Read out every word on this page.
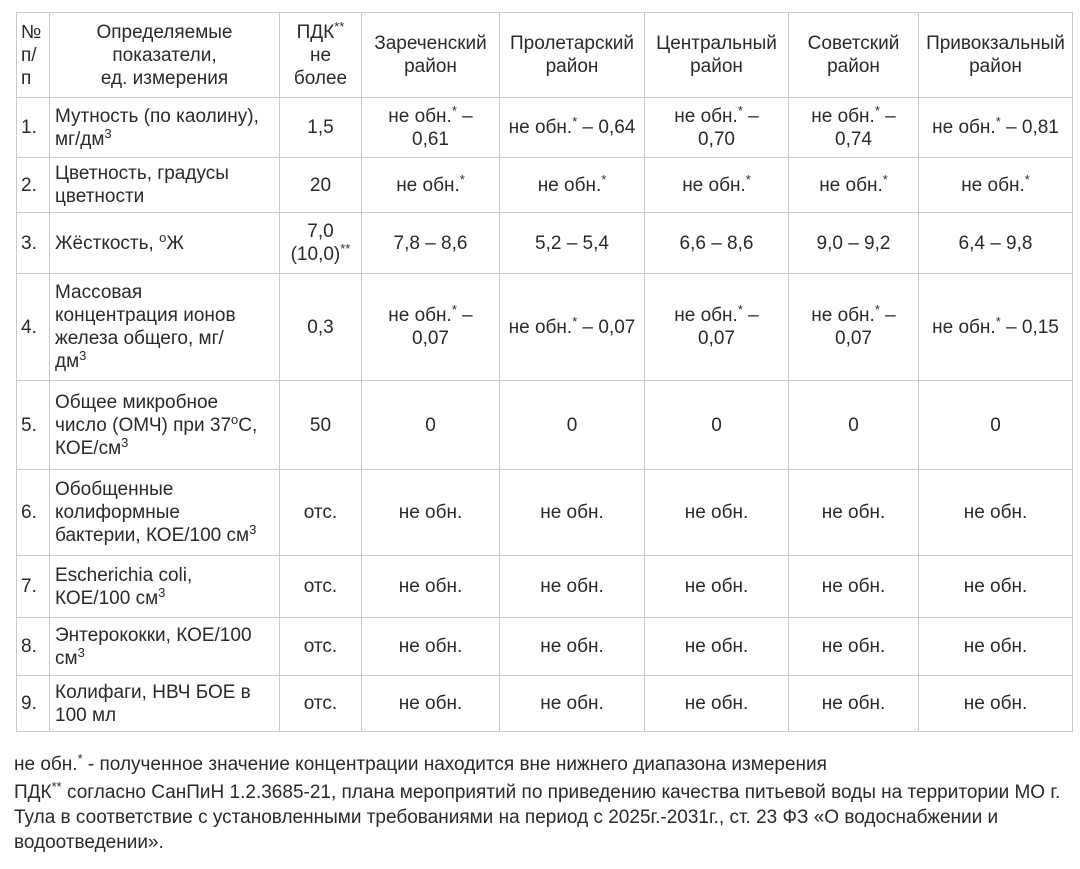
№
п/
п	Определяемые
показатели,
ед. измерения	ПДК**
не
более	Зареченский
район	Пролетарский
район	Центральный
район	Советский
район	Привокзальный
район
1.	Мутность (по каолину),
$мг/дм^3$	1,5	не обн.* –
0,61	не обн.* – 0,64	не обн.* –
0,70	не обн.* –
0,74	не обн.* – 0,81
2.	Цветность, градусы
цветности	20	не обн.*	не обн.*	не обн.*	не обн.*	не обн.*
3.	Жёсткость, $^о$Ж	7,0
(10,0)**	7,8 – 8,6	5,2 – 5,4	6,6 – 8,6	9,0 – 9,2	6,4 – 9,8
4.	Массовая
концентрация ионов
железа общего, мг/
$дм^3$	0,3	не обн.* –
0,07	не обн.* – 0,07	не обн.* –
0,07	не обн.* –
0,07	не обн.* – 0,15
5.	Общее микробное
число (ОМЧ) при $37^оС$,
КОЕ/$см^3$	50	0	0	0	0	0
6.	Обобщенные
колиформные
бактерии, КОЕ/100 $см^3$	отс.	не обн.	не обн.	не обн.	не обн.	не обн.
7.	Escherichia coli,
КОЕ/100 $см^3$	отс.	не обн.	не обн.	не обн.	не обн.	не обн.
8.	Энтерококки, КОЕ/100
$см^3$	отс.	не обн.	не обн.	не обн.	не обн.	не обн.
9.	Колифаги, НВЧ БОЕ в
100 мл	отс.	не обн.	не обн.	не обн.	не обн.	не обн.

не обн.* - полученное значение концентрации находится вне нижнего диапазона измерения

ПДК** согласно СанПиН 1.2.3685-21, плана мероприятий по приведению качества питьевой воды на территории МО г. Тула в соответствие с установленными требованиями на период с 2025г.-2031г., ст. 23 ФЗ «О водоснабжении и водоотведении».
